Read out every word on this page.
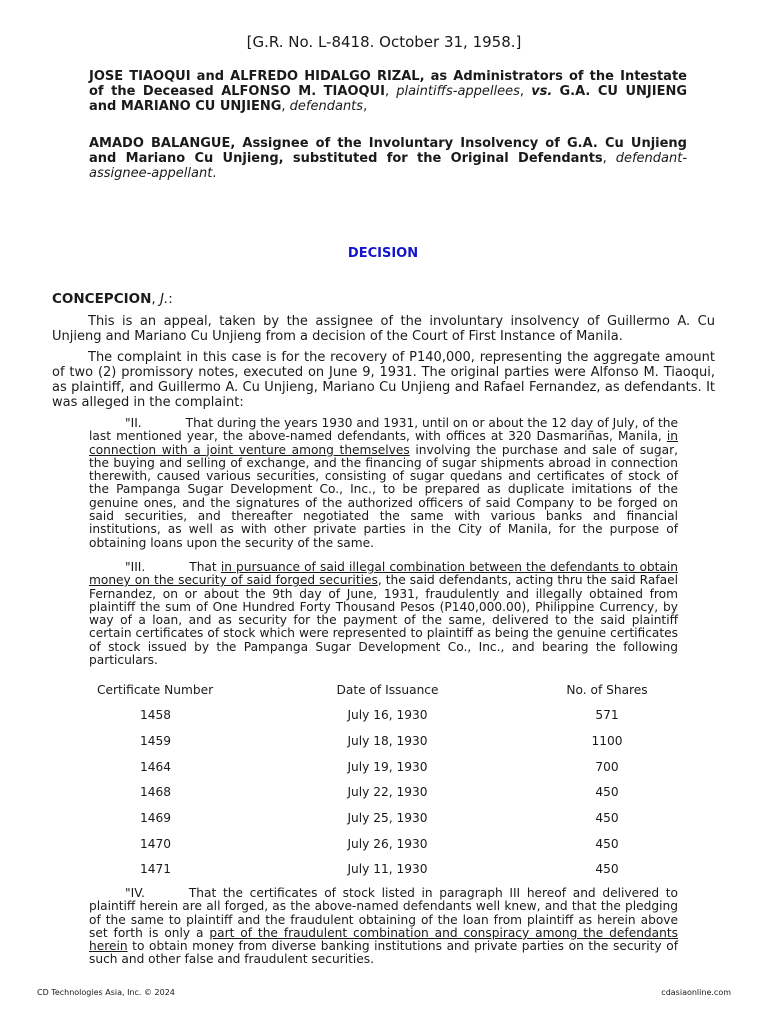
[G.R. No. L-8418. October 31, 1958.]
JOSE TIAOQUI and ALFREDO HIDALGO RIZAL, as Administrators of the Intestate of the Deceased ALFONSO M. TIAOQUI, plaintiffs-appellees, vs. G.A. CU UNJIENG and MARIANO CU UNJIENG, defendants,
AMADO BALANGUE, Assignee of the Involuntary Insolvency of G.A. Cu Unjieng and Mariano Cu Unjieng, substituted for the Original Defendants, defendant-assignee-appellant.
DECISION
CONCEPCION, J.:

This is an appeal, taken by the assignee of the involuntary insolvency of Guillermo A. Cu Unjieng and Mariano Cu Unjieng from a decision of the Court of First Instance of Manila.

The complaint in this case is for the recovery of P140,000, representing the aggregate amount of two (2) promissory notes, executed on June 9, 1931. The original parties were Alfonso M. Tiaoqui, as plaintiff, and Guillermo A. Cu Unjieng, Mariano Cu Unjieng and Rafael Fernandez, as defendants. It was alleged in the complaint:

"II.	That during the years 1930 and 1931, until on or about the 12 day of July, of the last mentioned year, the above-named defendants, with offices at 320 Dasmariñas, Manila, in connection with a joint venture among themselves involving the purchase and sale of sugar, the buying and selling of exchange, and the financing of sugar shipments abroad in connection therewith, caused various securities, consisting of sugar quedans and certificates of stock of the Pampanga Sugar Development Co., Inc., to be prepared as duplicate imitations of the genuine ones, and the signatures of the authorized officers of said Company to be forged on said securities, and thereafter negotiated the same with various banks and financial institutions, as well as with other private parties in the City of Manila, for the purpose of obtaining loans upon the security of the same.

"III.	That in pursuance of said illegal combination between the defendants to obtain money on the security of said forged securities, the said defendants, acting thru the said Rafael Fernandez, on or about the 9th day of June, 1931, fraudulently and illegally obtained from plaintiff the sum of One Hundred Forty Thousand Pesos (P140,000.00), Philippine Currency, by way of a loan, and as security for the payment of the same, delivered to the said plaintiff certain certificates of stock which were represented to plaintiff as being the genuine certificates of stock issued by the Pampanga Sugar Development Co., Inc., and bearing the following particulars.

Certificate Number	Date of Issuance	No. of Shares
1458	July 16, 1930	571
1459	July 18, 1930	1100
1464	July 19, 1930	700
1468	July 22, 1930	450
1469	July 25, 1930	450
1470	July 26, 1930	450
1471	July 11, 1930	450

"IV.	That the certificates of stock listed in paragraph III hereof and delivered to plaintiff herein are all forged, as the above-named defendants well knew, and that the pledging of the same to plaintiff and the fraudulent obtaining of the loan from plaintiff as herein above set forth is only a part of the fraudulent combination and conspiracy among the defendants herein to obtain money from diverse banking institutions and private parties on the security of such and other false and fraudulent securities.

CD Technologies Asia, Inc. © 2024	cdasiaonline.com
